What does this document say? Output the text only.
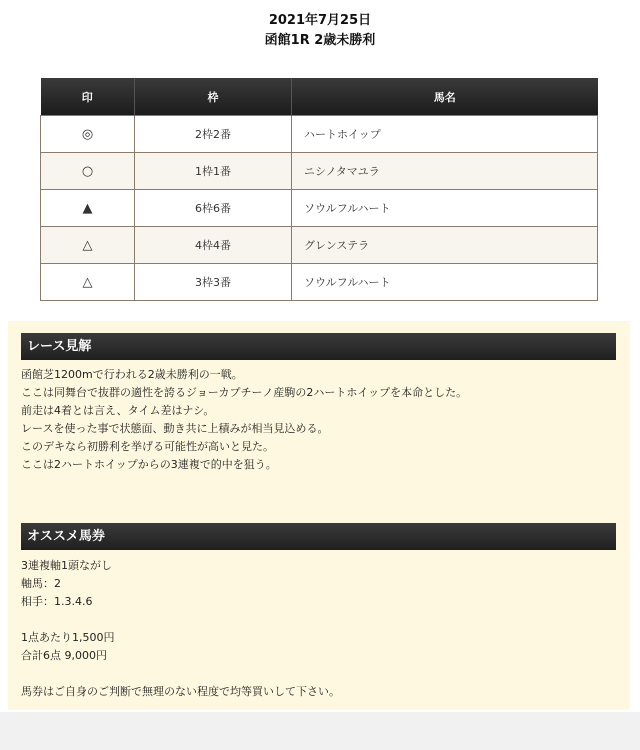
2021年7月25日
函館1R 2歳未勝利
印	枠	馬名
◎	2枠2番	ハートホイップ
○	1枠1番	ニシノタマユラ
▲	6枠6番	ソウルフルハート
△	4枠4番	グレンステラ
△	3枠3番	ソウルフルハート
レース見解
函館芝1200mで行われる2歳未勝利の一戦。
ここは同舞台で抜群の適性を誇るジョーカプチーノ産駒の2ハートホイップを本命とした。
前走は4着とは言え、タイム差はナシ。
レースを使った事で状態面、動き共に上積みが相当見込める。
このデキなら初勝利を挙げる可能性が高いと見た。
ここは2ハートホイップからの3連複で的中を狙う。
オススメ馬券
3連複軸1頭ながし
軸馬：2
相手：1.3.4.6
1点あたり1,500円
合計6点 9,000円
馬券はご自身のご判断で無理のない程度で均等買いして下さい。
